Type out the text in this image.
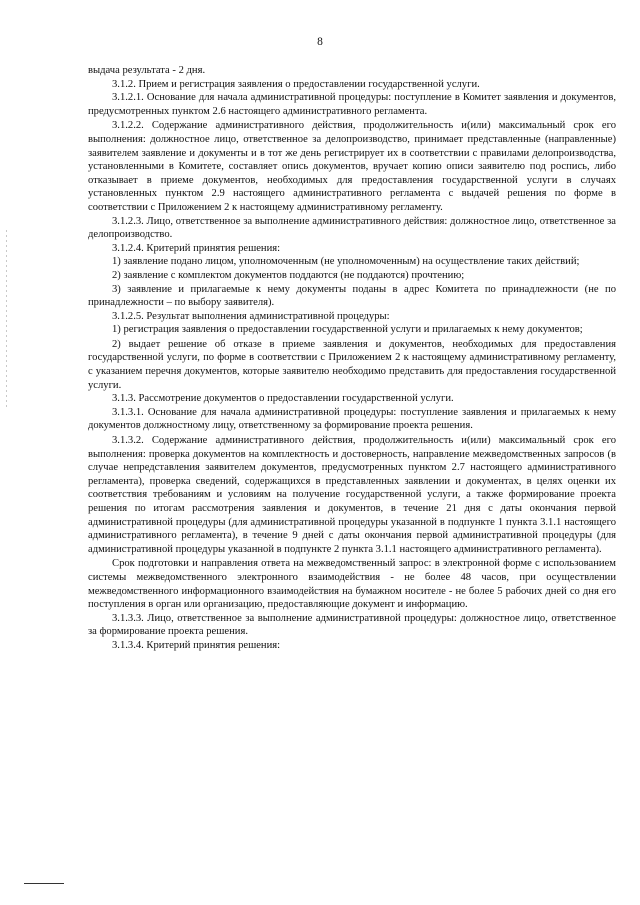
8

выдача результата - 2 дня.

3.1.2. Прием и регистрация заявления о предоставлении государственной услуги.

3.1.2.1. Основание для начала административной процедуры: поступление в Комитет заявления и документов, предусмотренных пунктом 2.6 настоящего административного регламента.

3.1.2.2. Содержание административного действия, продолжительность и(или) максимальный срок его выполнения: должностное лицо, ответственное за делопроизводство, принимает представленные (направленные) заявителем заявление и документы и в тот же день регистрирует их в соответствии с правилами делопроизводства, установленными в Комитете, составляет опись документов, вручает копию описи заявителю под роспись, либо отказывает в приеме документов, необходимых для предоставления государственной услуги в случаях установленных пунктом 2.9 настоящего административного регламента с выдачей решения по форме в соответствии с Приложением 2 к настоящему административному регламенту.

3.1.2.3. Лицо, ответственное за выполнение административного действия: должностное лицо, ответственное за делопроизводство.

3.1.2.4. Критерий принятия решения:

1) заявление подано лицом, уполномоченным (не уполномоченным) на осуществление таких действий;

2) заявление с комплектом документов поддаются (не поддаются) прочтению;

3) заявление и прилагаемые к нему документы поданы в адрес Комитета по принадлежности (не по принадлежности – по выбору заявителя).

3.1.2.5. Результат выполнения административной процедуры:

1) регистрация заявления о предоставлении государственной услуги и прилагаемых к нему документов;

2) выдает решение об отказе в приеме заявления и документов, необходимых для предоставления государственной услуги, по форме в соответствии с Приложением 2 к настоящему административному регламенту, с указанием перечня документов, которые заявителю необходимо представить для предоставления государственной услуги.

3.1.3. Рассмотрение документов о предоставлении государственной услуги.

3.1.3.1. Основание для начала административной процедуры: поступление заявления и прилагаемых к нему документов должностному лицу, ответственному за формирование проекта решения.

3.1.3.2. Содержание административного действия, продолжительность и(или) максимальный срок его выполнения: проверка документов на комплектность и достоверность, направление межведомственных запросов (в случае непредставления заявителем документов, предусмотренных пунктом 2.7 настоящего административного регламента), проверка сведений, содержащихся в представленных заявлении и документах, в целях оценки их соответствия требованиям и условиям на получение государственной услуги, а также формирование проекта решения по итогам рассмотрения заявления и документов, в течение 21 дня с даты окончания первой административной процедуры (для административной процедуры указанной в подпункте 1 пункта 3.1.1 настоящего административного регламента), в течение 9 дней с даты окончания первой административной процедуры (для административной процедуры указанной в подпункте 2 пункта 3.1.1 настоящего административного регламента).

Срок подготовки и направления ответа на межведомственный запрос: в электронной форме с использованием системы межведомственного электронного взаимодействия - не более 48 часов, при осуществлении межведомственного информационного взаимодействия на бумажном носителе - не более 5 рабочих дней со дня его поступления в орган или организацию, предоставляющие документ и информацию.

3.1.3.3. Лицо, ответственное за выполнение административной процедуры: должностное лицо, ответственное за формирование проекта решения.

3.1.3.4. Критерий принятия решения:
